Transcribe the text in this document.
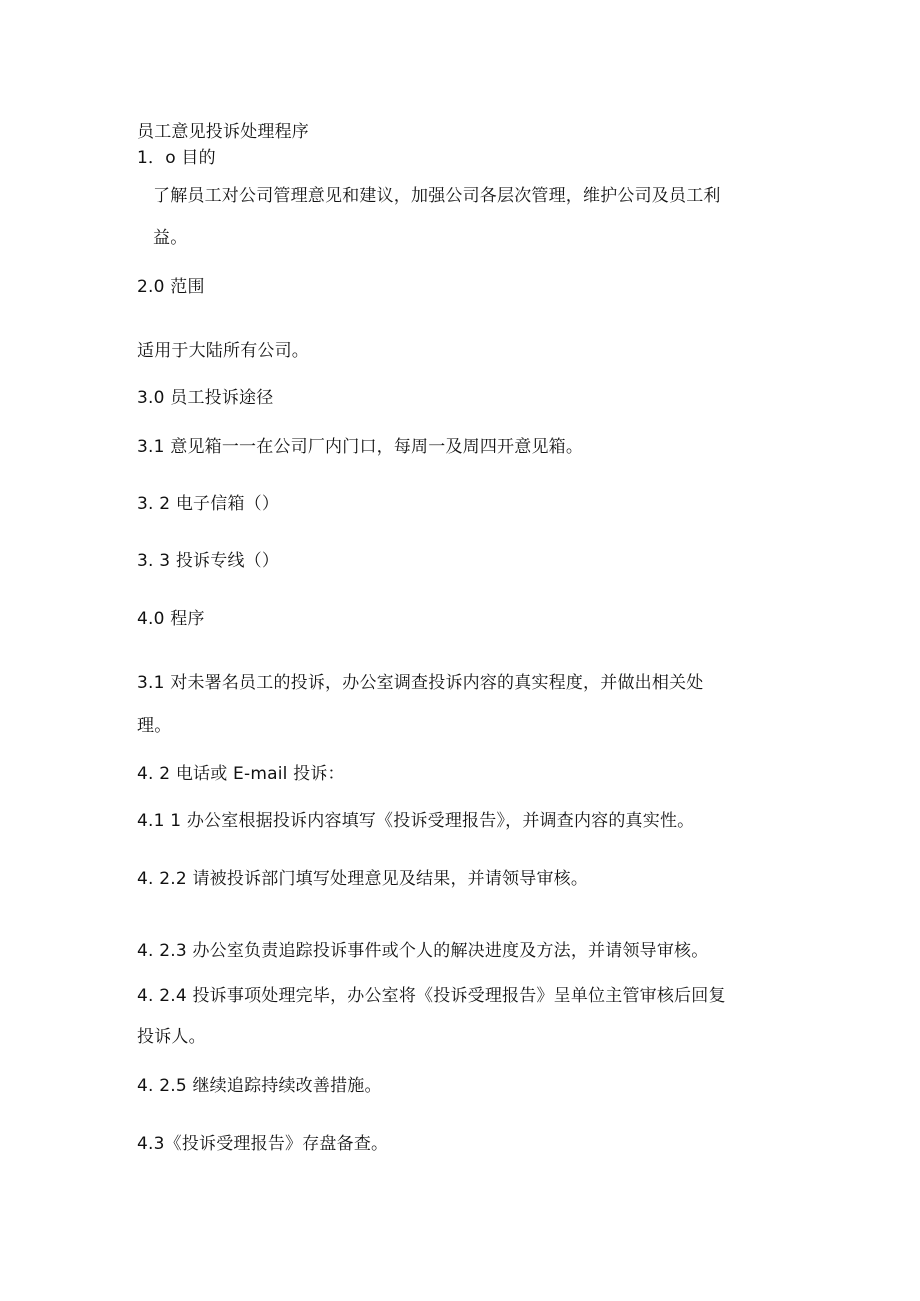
员工意见投诉处理程序
1．o 目的
了解员工对公司管理意见和建议，加强公司各层次管理，维护公司及员工利
益。
2.0 范围
适用于大陆所有公司。
3.0 员工投诉途径
3.1 意见箱一一在公司厂内门口，每周一及周四开意见箱。
3. 2 电子信箱（）
3. 3 投诉专线（）
4.0 程序
3.1 对未署名员工的投诉，办公室调查投诉内容的真实程度，并做出相关处
理。
4. 2 电话或 E-mail 投诉：
4.1 1 办公室根据投诉内容填写《投诉受理报告》，并调查内容的真实性。
4. 2.2 请被投诉部门填写处理意见及结果，并请领导审核。
4. 2.3 办公室负责追踪投诉事件或个人的解决进度及方法，并请领导审核。
4. 2.4 投诉事项处理完毕，办公室将《投诉受理报告》呈单位主管审核后回复
投诉人。
4. 2.5 继续追踪持续改善措施。
4.3《投诉受理报告》存盘备查。
